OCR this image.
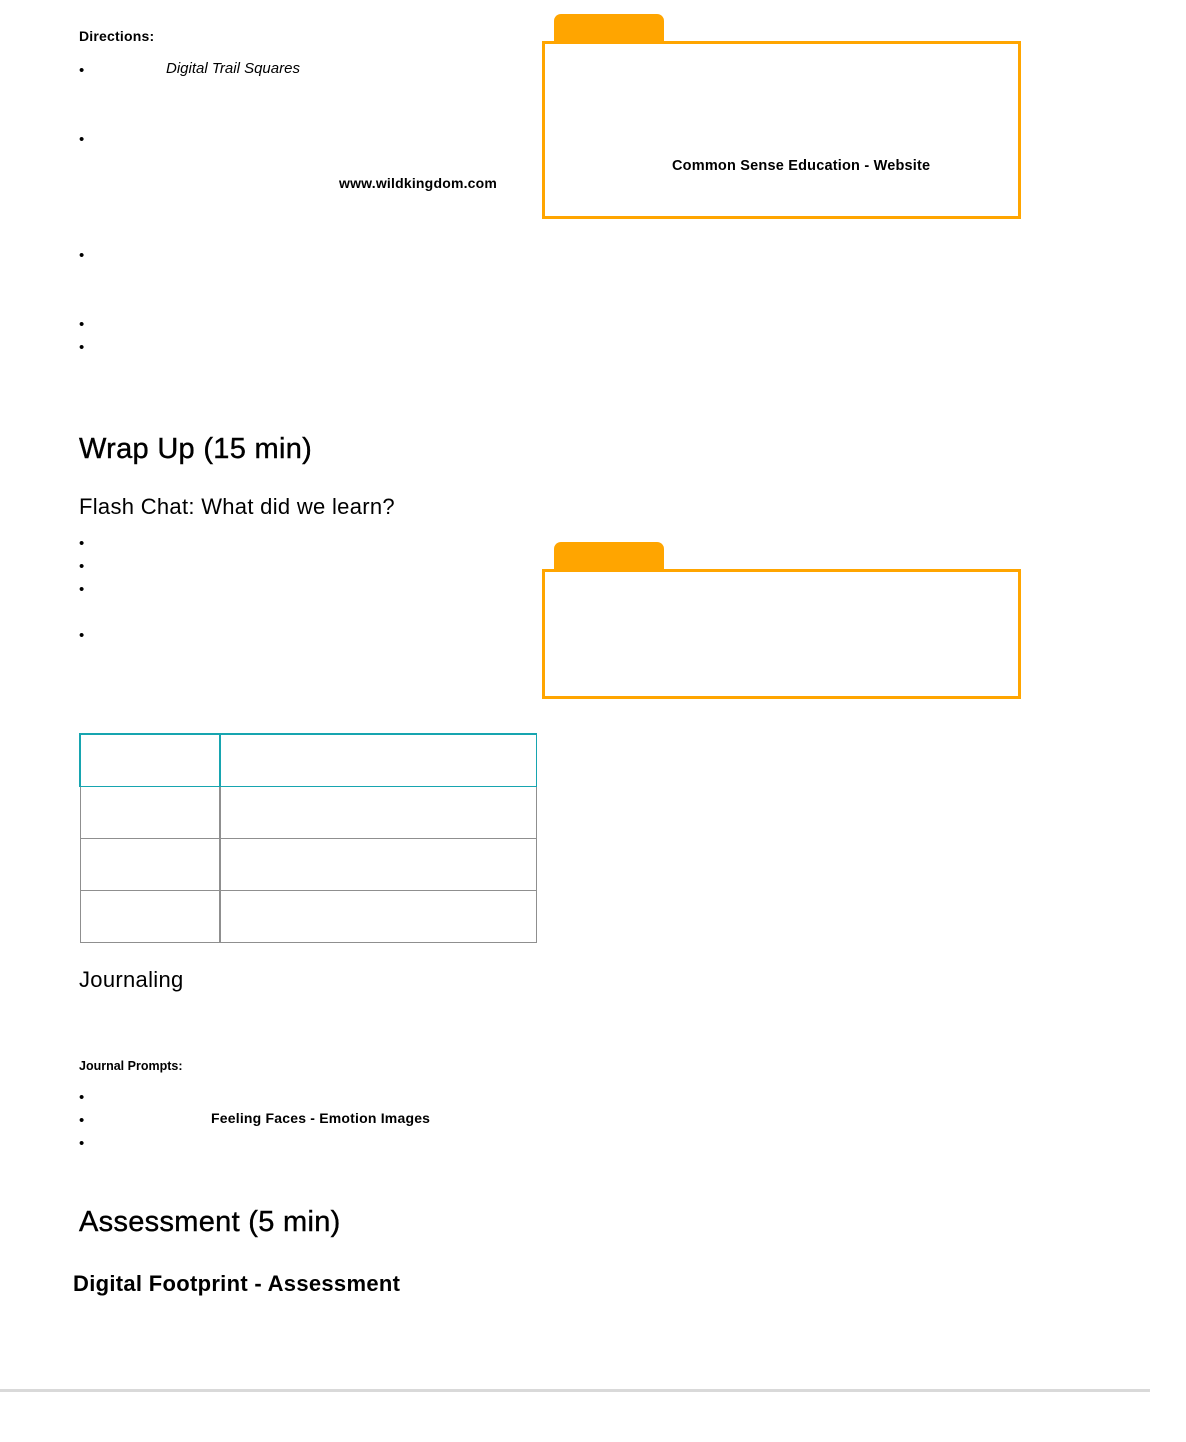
Directions:
•	Digital Trail Squares
•
www.wildkingdom.com
•
•
•
Common Sense Education - Website
Wrap Up (15 min)
Flash Chat: What did we learn?
•
•
•
•

Journaling
Journal Prompts:
•
•	Feeling Faces - Emotion Images
•
Assessment (5 min)
Digital Footprint - Assessment
